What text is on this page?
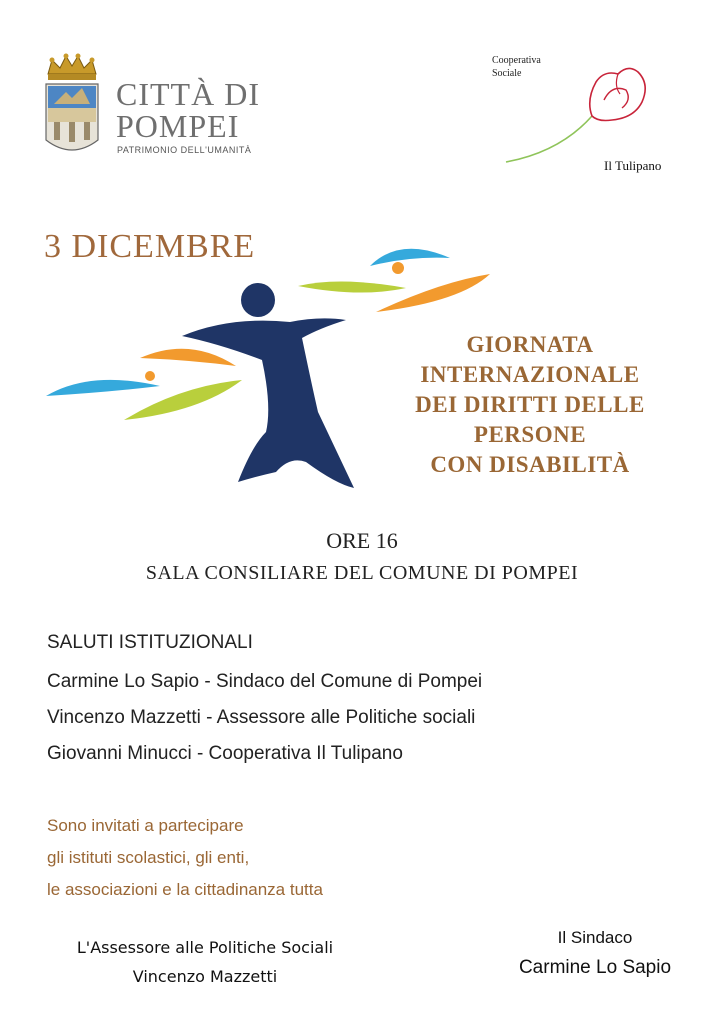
CITTÀ DI
POMPEI
PATRIMONIO DELL'UMANITÀ
Cooperativa
Sociale
Il Tulipano
3 DICEMBRE
GIORNATA
INTERNAZIONALE
DEI DIRITTI DELLE
PERSONE
CON DISABILITÀ
ORE 16
SALA CONSILIARE DEL COMUNE DI POMPEI
SALUTI ISTITUZIONALI
Carmine Lo Sapio - Sindaco del Comune di Pompei
Vincenzo Mazzetti - Assessore alle Politiche sociali
Giovanni Minucci - Cooperativa Il Tulipano
Sono invitati a partecipare
gli istituti scolastici, gli enti,
le associazioni e la cittadinanza tutta
L'Assessore alle Politiche Sociali
Vincenzo Mazzetti
Il Sindaco
Carmine Lo Sapio
